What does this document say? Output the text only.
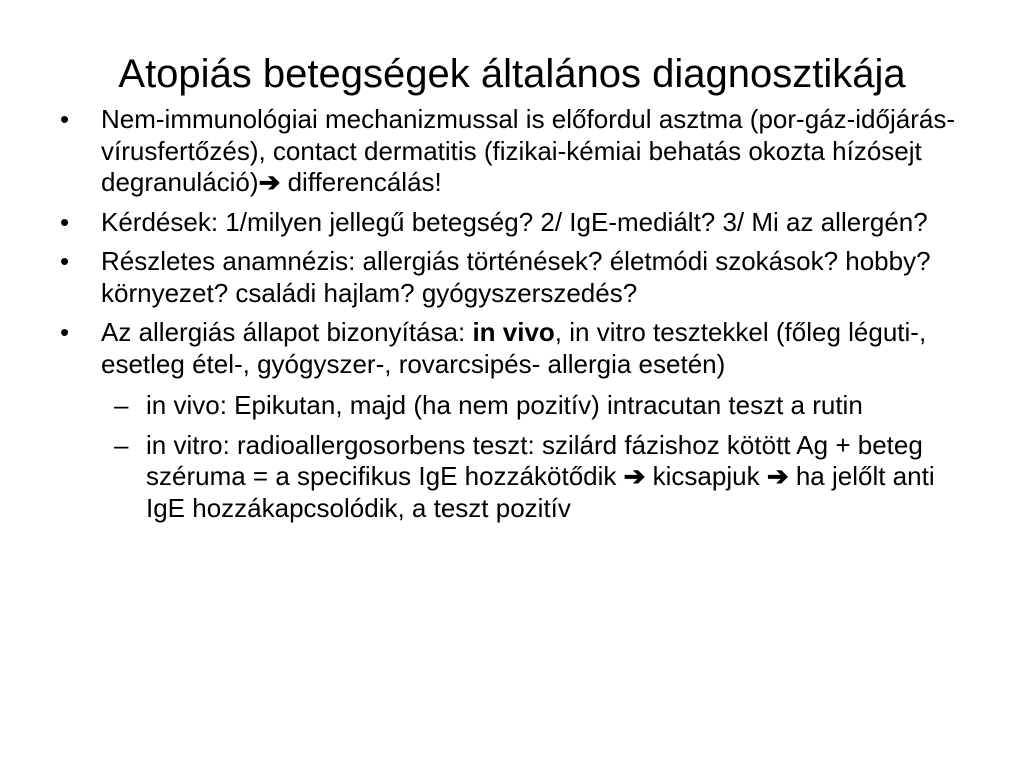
Atopiás betegségek általános diagnosztikája
• Nem-immunológiai mechanizmussal is előfordul asztma (por-gáz-időjárás-vírusfertőzés), contact dermatitis (fizikai-kémiai behatás okozta hízósejt degranuláció)➔ differencálás!
• Kérdések: 1/milyen jellegű betegség? 2/ IgE-mediált? 3/ Mi az allergén?
• Részletes anamnézis: allergiás történések? életmódi szokások? hobby? környezet? családi hajlam? gyógyszerszedés?
• Az allergiás állapot bizonyítása: in vivo, in vitro tesztekkel (főleg léguti-, esetleg étel-, gyógyszer-, rovarcsipés- allergia esetén)
– in vivo: Epikutan, majd (ha nem pozitív) intracutan teszt a rutin
– in vitro: radioallergosorbens teszt: szilárd fázishoz kötött Ag + beteg széruma = a specifikus IgE hozzákötődik ➔ kicsapjuk ➔ ha jelőlt anti IgE hozzákapcsolódik, a teszt pozitív
